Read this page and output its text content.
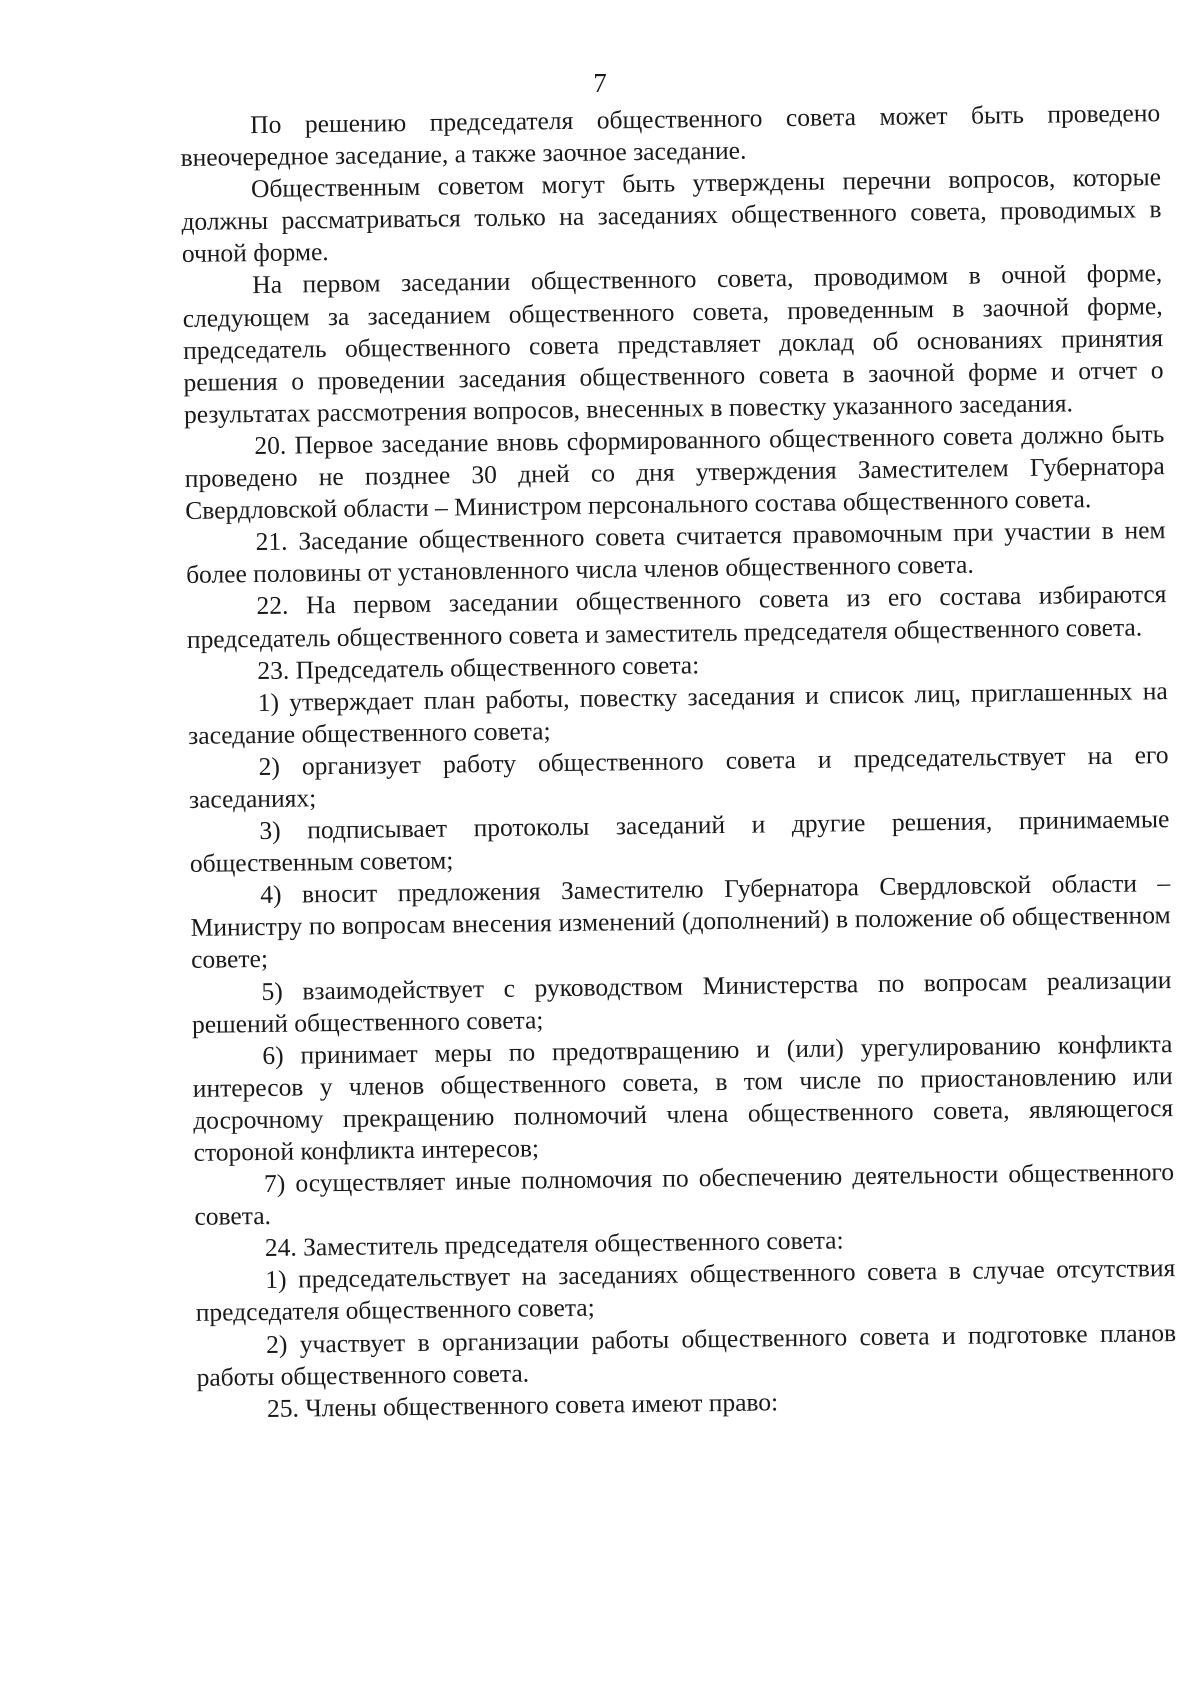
7

По решению председателя общественного совета может быть проведено внеочередное заседание, а также заочное заседание.

Общественным советом могут быть утверждены перечни вопросов, которые должны рассматриваться только на заседаниях общественного совета, проводимых в очной форме.

На первом заседании общественного совета, проводимом в очной форме, следующем за заседанием общественного совета, проведенным в заочной форме, председатель общественного совета представляет доклад об основаниях принятия решения о проведении заседания общественного совета в заочной форме и отчет о результатах рассмотрения вопросов, внесенных в повестку указанного заседания.

20. Первое заседание вновь сформированного общественного совета должно быть проведено не позднее 30 дней со дня утверждения Заместителем Губернатора Свердловской области – Министром персонального состава общественного совета.

21. Заседание общественного совета считается правомочным при участии в нем более половины от установленного числа членов общественного совета.

22. На первом заседании общественного совета из его состава избираются председатель общественного совета и заместитель председателя общественного совета.

23. Председатель общественного совета:

1) утверждает план работы, повестку заседания и список лиц, приглашенных на заседание общественного совета;

2) организует работу общественного совета и председательствует на его заседаниях;

3) подписывает протоколы заседаний и другие решения, принимаемые общественным советом;

4) вносит предложения Заместителю Губернатора Свердловской области – Министру по вопросам внесения изменений (дополнений) в положение об общественном совете;

5) взаимодействует с руководством Министерства по вопросам реализации решений общественного совета;

6) принимает меры по предотвращению и (или) урегулированию конфликта интересов у членов общественного совета, в том числе по приостановлению или досрочному прекращению полномочий члена общественного совета, являющегося стороной конфликта интересов;

7) осуществляет иные полномочия по обеспечению деятельности общественного совета.

24. Заместитель председателя общественного совета:

1) председательствует на заседаниях общественного совета в случае отсутствия председателя общественного совета;

2) участвует в организации работы общественного совета и подготовке планов работы общественного совета.

25. Члены общественного совета имеют право:
